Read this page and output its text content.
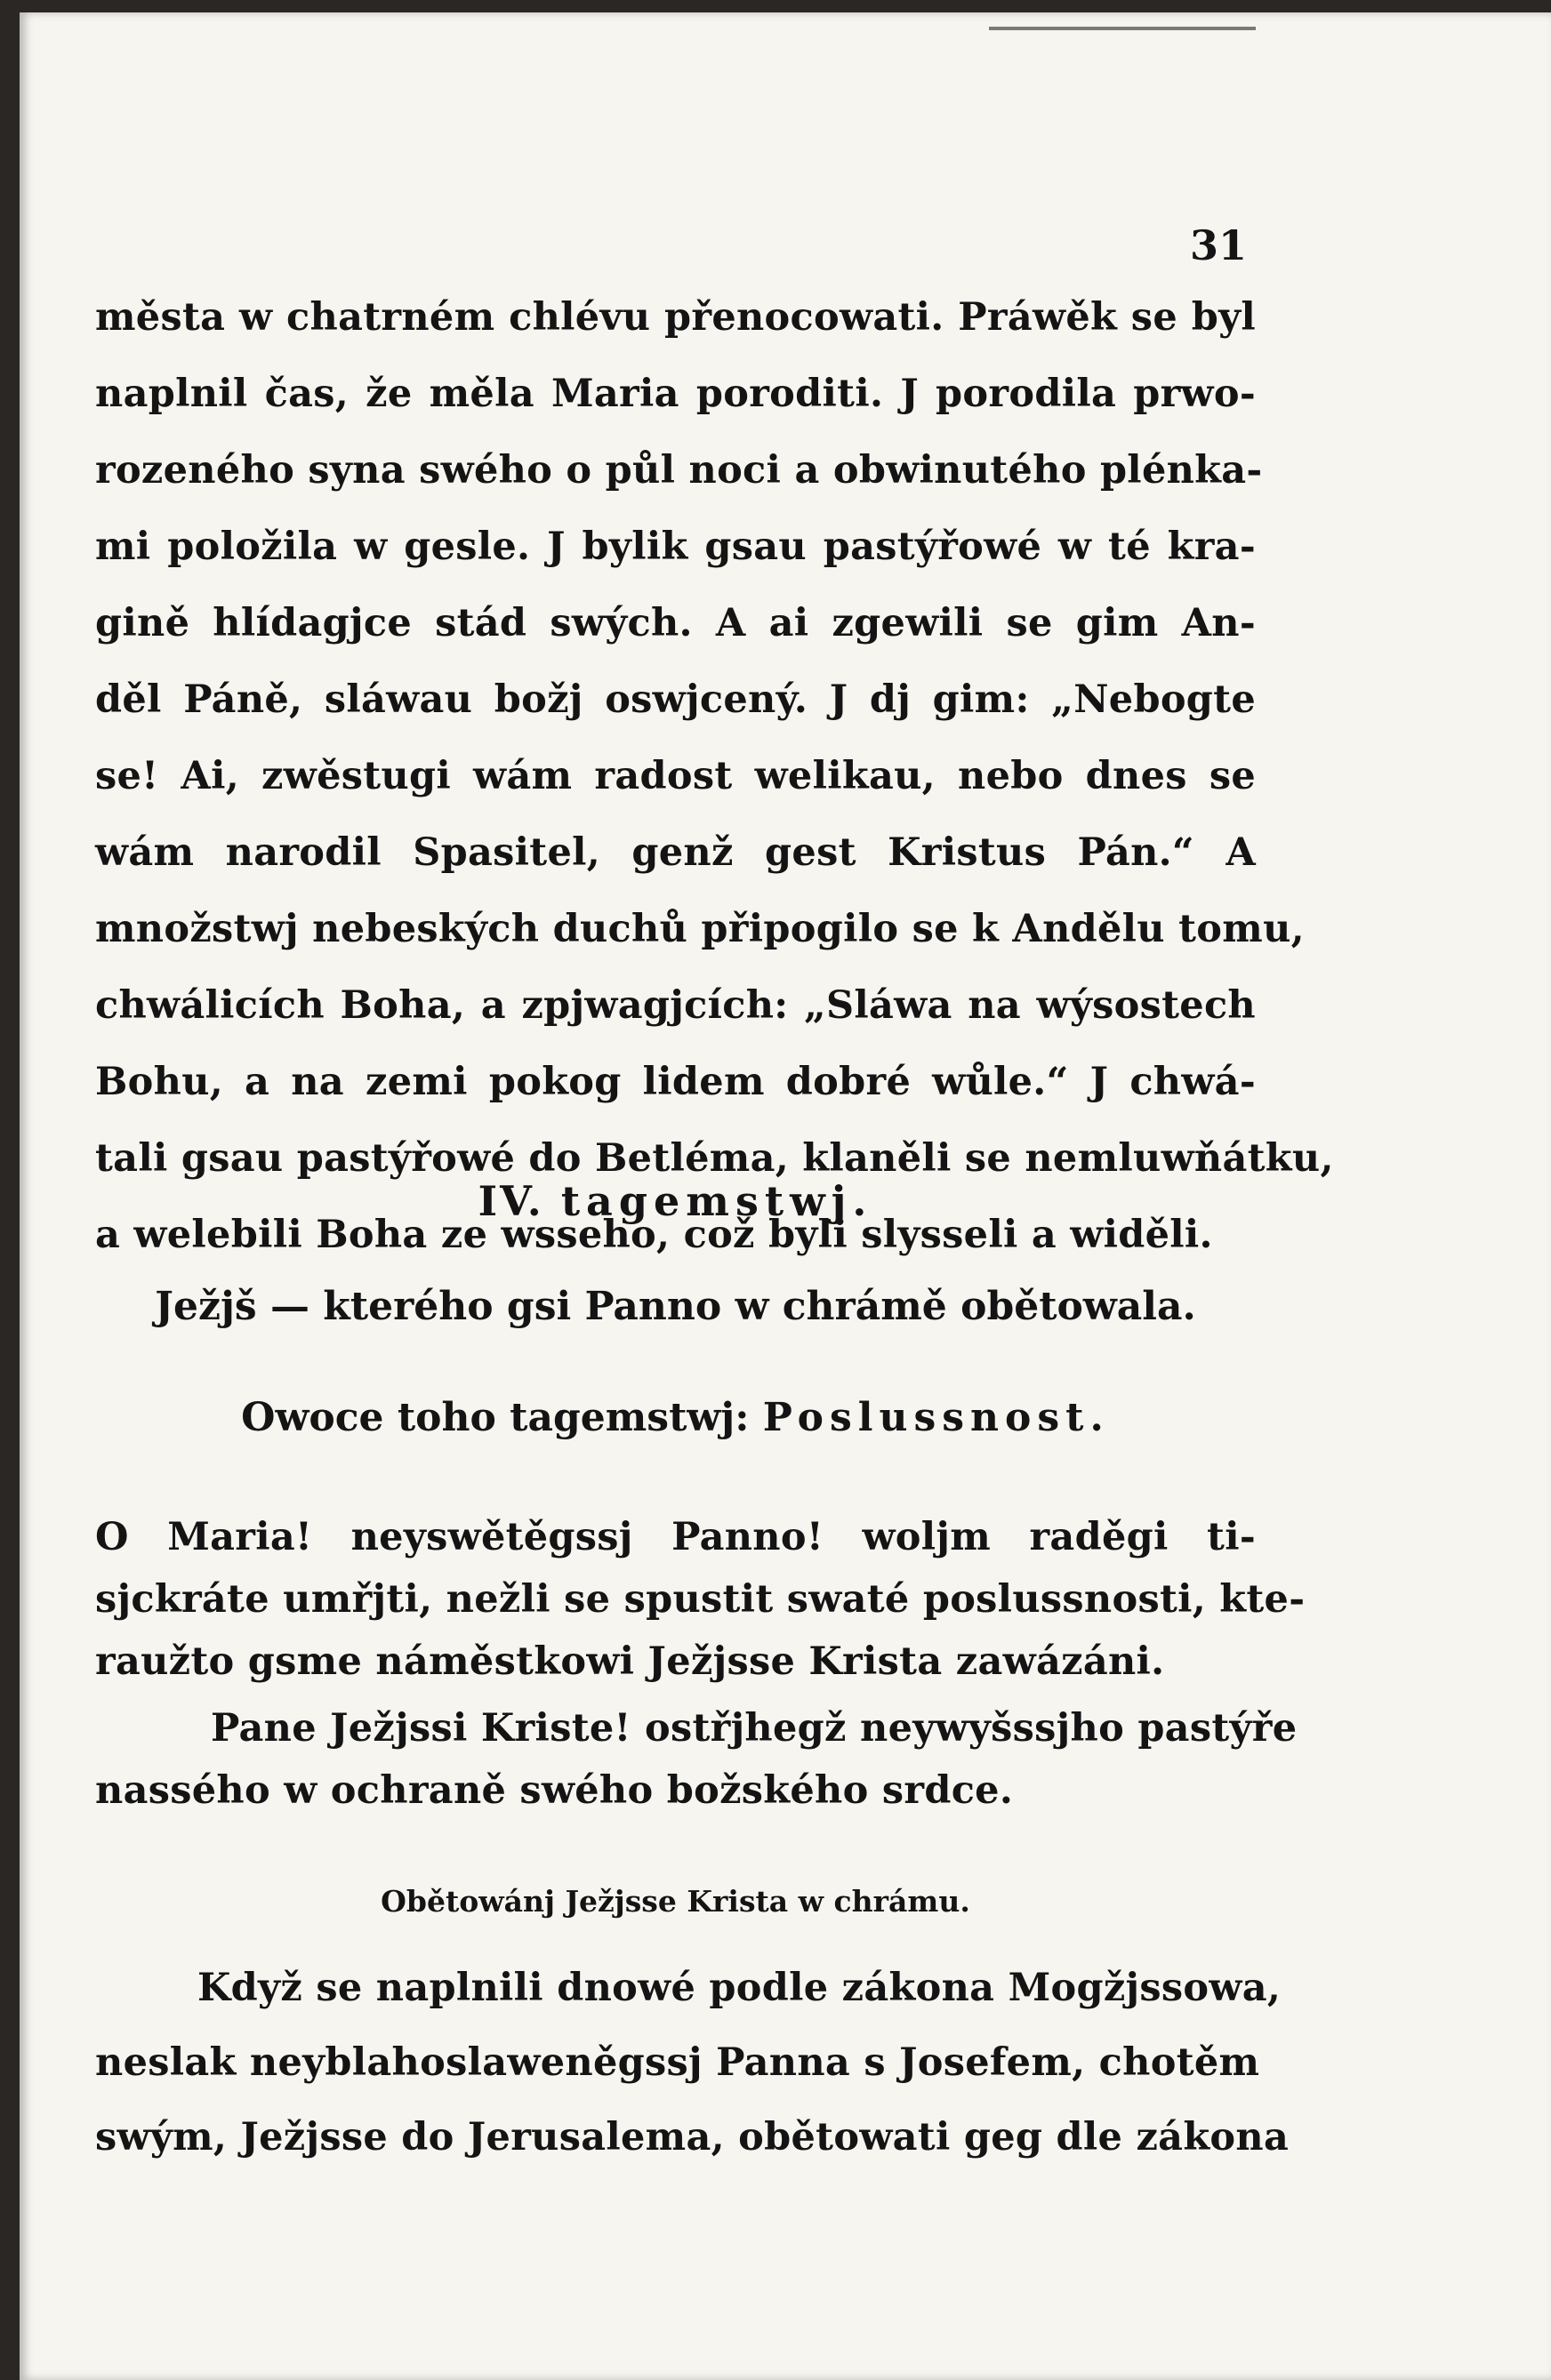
31
města w chatrném chlévu přenocowati. Práwěk se byl
naplnil čas, že měla Maria poroditi. J porodila prwo-
rozeného syna swého o půl noci a obwinutého plénka-
mi položila w gesle. J bylik gsau pastýřowé w té kra-
gině hlídagjce stád swých. A ai zgewili se gim An-
děl Páně, sláwau božj oswjcený. J dj gim: „Nebogte
se! Ai, zwěstugi wám radost welikau, nebo dnes se
wám narodil Spasitel, genž gest Kristus Pán.“ A
množstwj nebeských duchů připogilo se k Andělu tomu,
chwálicích Boha, a zpjwagjcích: „Sláwa na wýsostech
Bohu, a na zemi pokog lidem dobré wůle.“ J chwá-
tali gsau pastýřowé do Betléma, klaněli se nemluwňátku,
a welebili Boha ze wsseho, což byli slysseli a widěli.
IV. tagemstwj.
Ježjš — kterého gsi Panno w chrámě obětowala.
Owoce toho tagemstwj: Poslussnost.
O Maria! neyswětěgssj Panno! woljm raděgi ti-
sjckráte umřjti, nežli se spustit swaté poslussnosti, kte-
raužto gsme náměstkowi Ježjsse Krista zawázáni.
Pane Ježjssi Kriste! ostřjhegž neywyšssjho pastýře
nassého w ochraně swého božského srdce.
Obětowánj Ježjsse Krista w chrámu.
Když se naplnili dnowé podle zákona Mogžjssowa,
neslak neyblahoslaweněgssj Panna s Josefem, chotěm
swým, Ježjsse do Jerusalema, obětowati geg dle zákona
